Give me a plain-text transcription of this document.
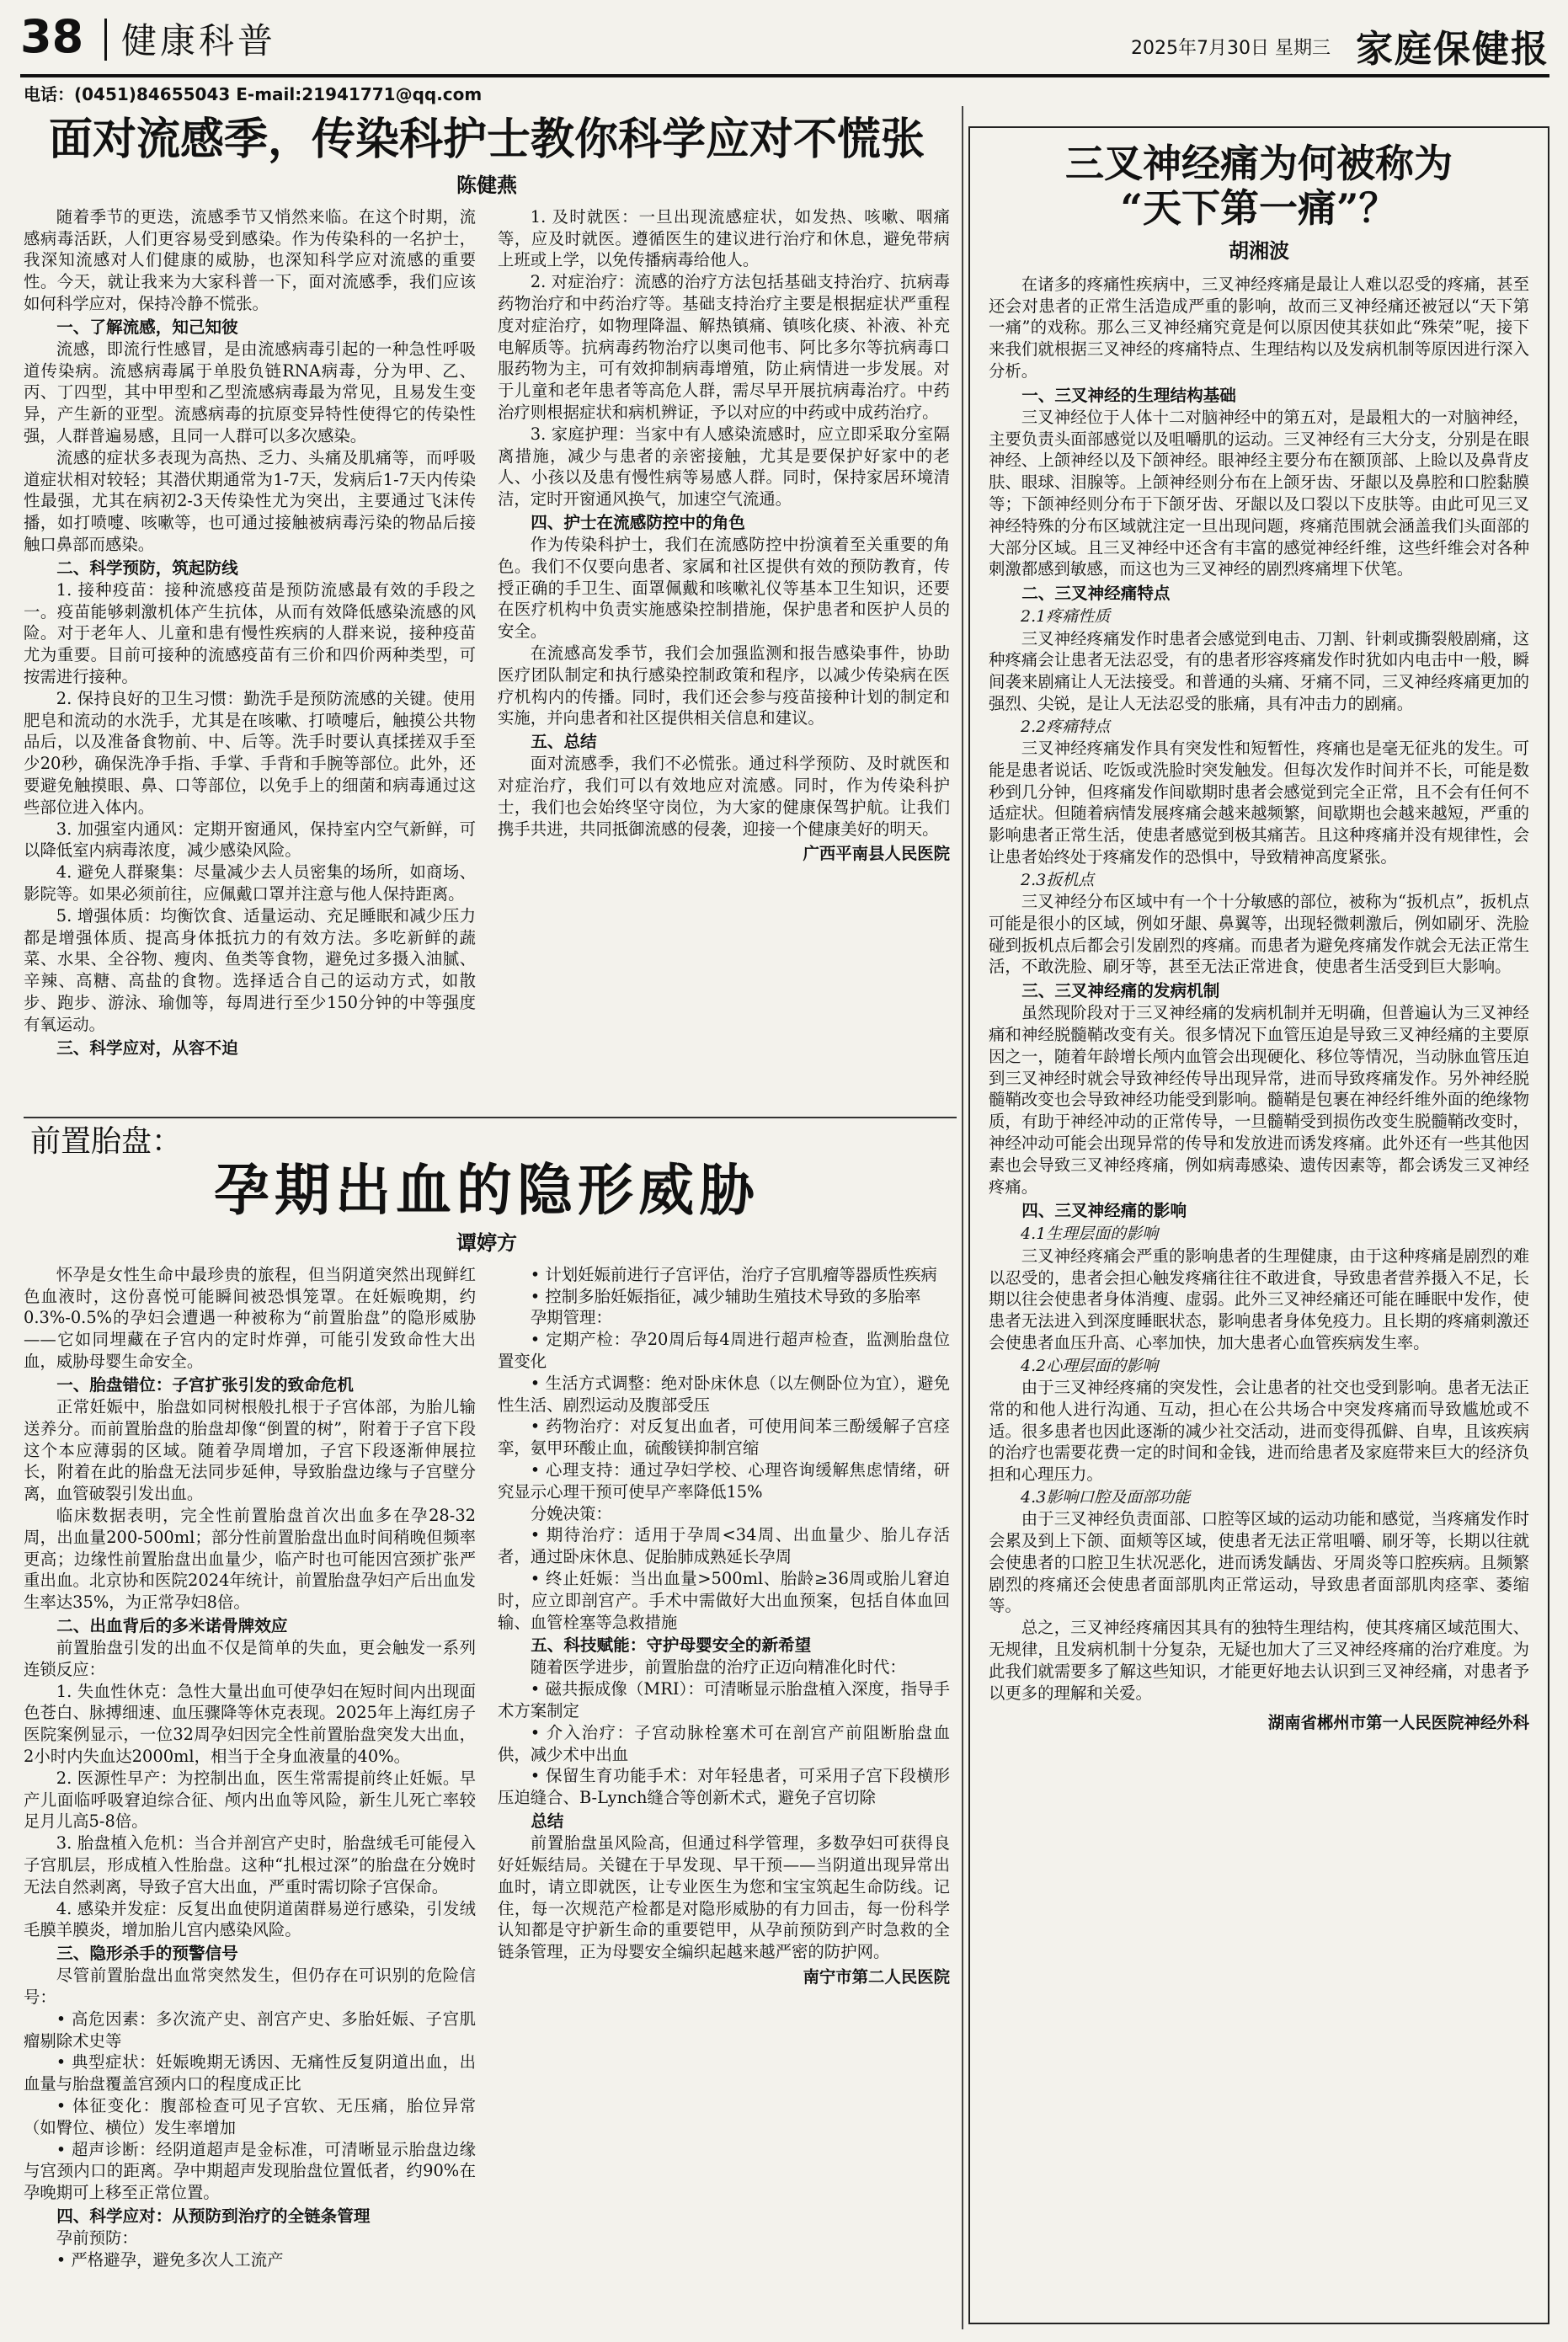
38 健康科普	2025年7月30日 星期三 家庭保健报
电话：(0451)84655043 E-mail:21941771@qq.com
面对流感季，传染科护士教你科学应对不慌张
陈健燕

随着季节的更迭，流感季节又悄然来临。在这个时期，流感病毒活跃，人们更容易受到感染。作为传染科的一名护士，我深知流感对人们健康的威胁，也深知科学应对流感的重要性。今天，就让我来为大家科普一下，面对流感季，我们应该如何科学应对，保持冷静不慌张。

一、了解流感，知己知彼

流感，即流行性感冒，是由流感病毒引起的一种急性呼吸道传染病。流感病毒属于单股负链RNA病毒，分为甲、乙、丙、丁四型，其中甲型和乙型流感病毒最为常见，且易发生变异，产生新的亚型。流感病毒的抗原变异特性使得它的传染性强，人群普遍易感，且同一人群可以多次感染。

流感的症状多表现为高热、乏力、头痛及肌痛等，而呼吸道症状相对较轻；其潜伏期通常为1-7天，发病后1-7天内传染性最强，尤其在病初2-3天传染性尤为突出，主要通过飞沫传播，如打喷嚏、咳嗽等，也可通过接触被病毒污染的物品后接触口鼻部而感染。

二、科学预防，筑起防线

1. 接种疫苗：接种流感疫苗是预防流感最有效的手段之一。疫苗能够刺激机体产生抗体，从而有效降低感染流感的风险。对于老年人、儿童和患有慢性疾病的人群来说，接种疫苗尤为重要。目前可接种的流感疫苗有三价和四价两种类型，可按需进行接种。

2. 保持良好的卫生习惯：勤洗手是预防流感的关键。使用肥皂和流动的水洗手，尤其是在咳嗽、打喷嚏后，触摸公共物品后，以及准备食物前、中、后等。洗手时要认真揉搓双手至少20秒，确保洗净手指、手掌、手背和手腕等部位。此外，还要避免触摸眼、鼻、口等部位，以免手上的细菌和病毒通过这些部位进入体内。

3. 加强室内通风：定期开窗通风，保持室内空气新鲜，可以降低室内病毒浓度，减少感染风险。

4. 避免人群聚集：尽量减少去人员密集的场所，如商场、影院等。如果必须前往，应佩戴口罩并注意与他人保持距离。

5. 增强体质：均衡饮食、适量运动、充足睡眠和减少压力都是增强体质、提高身体抵抗力的有效方法。多吃新鲜的蔬菜、水果、全谷物、瘦肉、鱼类等食物，避免过多摄入油腻、辛辣、高糖、高盐的食物。选择适合自己的运动方式，如散步、跑步、游泳、瑜伽等，每周进行至少150分钟的中等强度有氧运动。

三、科学应对，从容不迫

1. 及时就医：一旦出现流感症状，如发热、咳嗽、咽痛等，应及时就医。遵循医生的建议进行治疗和休息，避免带病上班或上学，以免传播病毒给他人。

2. 对症治疗：流感的治疗方法包括基础支持治疗、抗病毒药物治疗和中药治疗等。基础支持治疗主要是根据症状严重程度对症治疗，如物理降温、解热镇痛、镇咳化痰、补液、补充电解质等。抗病毒药物治疗以奥司他韦、阿比多尔等抗病毒口服药物为主，可有效抑制病毒增殖，防止病情进一步发展。对于儿童和老年患者等高危人群，需尽早开展抗病毒治疗。中药治疗则根据症状和病机辨证，予以对应的中药或中成药治疗。

3. 家庭护理：当家中有人感染流感时，应立即采取分室隔离措施，减少与患者的亲密接触，尤其是要保护好家中的老人、小孩以及患有慢性病等易感人群。同时，保持家居环境清洁，定时开窗通风换气，加速空气流通。

四、护士在流感防控中的角色

作为传染科护士，我们在流感防控中扮演着至关重要的角色。我们不仅要向患者、家属和社区提供有效的预防教育，传授正确的手卫生、面罩佩戴和咳嗽礼仪等基本卫生知识，还要在医疗机构中负责实施感染控制措施，保护患者和医护人员的安全。

在流感高发季节，我们会加强监测和报告感染事件，协助医疗团队制定和执行感染控制政策和程序，以减少传染病在医疗机构内的传播。同时，我们还会参与疫苗接种计划的制定和实施，并向患者和社区提供相关信息和建议。

五、总结

面对流感季，我们不必慌张。通过科学预防、及时就医和对症治疗，我们可以有效地应对流感。同时，作为传染科护士，我们也会始终坚守岗位，为大家的健康保驾护航。让我们携手共进，共同抵御流感的侵袭，迎接一个健康美好的明天。

广西平南县人民医院

前置胎盘：
孕期出血的隐形威胁
谭婷方

怀孕是女性生命中最珍贵的旅程，但当阴道突然出现鲜红色血液时，这份喜悦可能瞬间被恐惧笼罩。在妊娠晚期，约0.3%-0.5%的孕妇会遭遇一种被称为“前置胎盘”的隐形威胁——它如同埋藏在子宫内的定时炸弹，可能引发致命性大出血，威胁母婴生命安全。

一、胎盘错位：子宫扩张引发的致命危机

正常妊娠中，胎盘如同树根般扎根于子宫体部，为胎儿输送养分。而前置胎盘的胎盘却像“倒置的树”，附着于子宫下段这个本应薄弱的区域。随着孕周增加，子宫下段逐渐伸展拉长，附着在此的胎盘无法同步延伸，导致胎盘边缘与子宫壁分离，血管破裂引发出血。

临床数据表明，完全性前置胎盘首次出血多在孕28-32周，出血量200-500ml；部分性前置胎盘出血时间稍晚但频率更高；边缘性前置胎盘出血量少，临产时也可能因宫颈扩张严重出血。北京协和医院2024年统计，前置胎盘孕妇产后出血发生率达35%，为正常孕妇8倍。

二、出血背后的多米诺骨牌效应

前置胎盘引发的出血不仅是简单的失血，更会触发一系列连锁反应：

1. 失血性休克：急性大量出血可使孕妇在短时间内出现面色苍白、脉搏细速、血压骤降等休克表现。2025年上海红房子医院案例显示，一位32周孕妇因完全性前置胎盘突发大出血，2小时内失血达2000ml，相当于全身血液量的40%。

2. 医源性早产：为控制出血，医生常需提前终止妊娠。早产儿面临呼吸窘迫综合征、颅内出血等风险，新生儿死亡率较足月儿高5-8倍。

3. 胎盘植入危机：当合并剖宫产史时，胎盘绒毛可能侵入子宫肌层，形成植入性胎盘。这种“扎根过深”的胎盘在分娩时无法自然剥离，导致子宫大出血，严重时需切除子宫保命。

4. 感染并发症：反复出血使阴道菌群易逆行感染，引发绒毛膜羊膜炎，增加胎儿宫内感染风险。

三、隐形杀手的预警信号

尽管前置胎盘出血常突然发生，但仍存在可识别的危险信号：

• 高危因素：多次流产史、剖宫产史、多胎妊娠、子宫肌瘤剔除术史等

• 典型症状：妊娠晚期无诱因、无痛性反复阴道出血，出血量与胎盘覆盖宫颈内口的程度成正比

• 体征变化：腹部检查可见子宫软、无压痛，胎位异常（如臀位、横位）发生率增加

• 超声诊断：经阴道超声是金标准，可清晰显示胎盘边缘与宫颈内口的距离。孕中期超声发现胎盘位置低者，约90%在孕晚期可上移至正常位置。

四、科学应对：从预防到治疗的全链条管理

孕前预防：

• 严格避孕，避免多次人工流产

• 计划妊娠前进行子宫评估，治疗子宫肌瘤等器质性疾病

• 控制多胎妊娠指征，减少辅助生殖技术导致的多胎率

孕期管理：

• 定期产检：孕20周后每4周进行超声检查，监测胎盘位置变化

• 生活方式调整：绝对卧床休息（以左侧卧位为宜），避免性生活、剧烈运动及腹部受压

• 药物治疗：对反复出血者，可使用间苯三酚缓解子宫痉挛，氨甲环酸止血，硫酸镁抑制宫缩

• 心理支持：通过孕妇学校、心理咨询缓解焦虑情绪，研究显示心理干预可使早产率降低15%

分娩决策：

• 期待治疗：适用于孕周<34周、出血量少、胎儿存活者，通过卧床休息、促胎肺成熟延长孕周

• 终止妊娠：当出血量>500ml、胎龄≥36周或胎儿窘迫时，应立即剖宫产。手术中需做好大出血预案，包括自体血回输、血管栓塞等急救措施

五、科技赋能：守护母婴安全的新希望

随着医学进步，前置胎盘的治疗正迈向精准化时代：

• 磁共振成像（MRI）：可清晰显示胎盘植入深度，指导手术方案制定

• 介入治疗：子宫动脉栓塞术可在剖宫产前阻断胎盘血供，减少术中出血

• 保留生育功能手术：对年轻患者，可采用子宫下段横形压迫缝合、B-Lynch缝合等创新术式，避免子宫切除

总结

前置胎盘虽风险高，但通过科学管理，多数孕妇可获得良好妊娠结局。关键在于早发现、早干预——当阴道出现异常出血时，请立即就医，让专业医生为您和宝宝筑起生命防线。记住，每一次规范产检都是对隐形威胁的有力回击，每一份科学认知都是守护新生命的重要铠甲，从孕前预防到产时急救的全链条管理，正为母婴安全编织起越来越严密的防护网。

南宁市第二人民医院

三叉神经痛为何被称为
“天下第一痛”？
胡湘波

在诸多的疼痛性疾病中，三叉神经疼痛是最让人难以忍受的疼痛，甚至还会对患者的正常生活造成严重的影响，故而三叉神经痛还被冠以“天下第一痛”的戏称。那么三叉神经痛究竟是何以原因使其获如此“殊荣”呢，接下来我们就根据三叉神经的疼痛特点、生理结构以及发病机制等原因进行深入分析。

一、三叉神经的生理结构基础

三叉神经位于人体十二对脑神经中的第五对，是最粗大的一对脑神经，主要负责头面部感觉以及咀嚼肌的运动。三叉神经有三大分支，分别是在眼神经、上颌神经以及下颌神经。眼神经主要分布在额顶部、上睑以及鼻背皮肤、眼球、泪腺等。上颌神经则分布在上颌牙齿、牙龈以及鼻腔和口腔黏膜等；下颌神经则分布于下颌牙齿、牙龈以及口裂以下皮肤等。由此可见三叉神经特殊的分布区域就注定一旦出现问题，疼痛范围就会涵盖我们头面部的大部分区域。且三叉神经中还含有丰富的感觉神经纤维，这些纤维会对各种刺激都感到敏感，而这也为三叉神经的剧烈疼痛埋下伏笔。

二、三叉神经痛特点
2.1疼痛性质

三叉神经疼痛发作时患者会感觉到电击、刀割、针刺或撕裂般剧痛，这种疼痛会让患者无法忍受，有的患者形容疼痛发作时犹如内电击中一般，瞬间袭来剧痛让人无法接受。和普通的头痛、牙痛不同，三叉神经疼痛更加的强烈、尖锐，是让人无法忍受的胀痛，具有冲击力的剧痛。

2.2疼痛特点

三叉神经疼痛发作具有突发性和短暂性，疼痛也是毫无征兆的发生。可能是患者说话、吃饭或洗脸时突发触发。但每次发作时间并不长，可能是数秒到几分钟，但疼痛发作间歇期时患者会感觉到完全正常，且不会有任何不适症状。但随着病情发展疼痛会越来越频繁，间歇期也会越来越短，严重的影响患者正常生活，使患者感觉到极其痛苦。且这种疼痛并没有规律性，会让患者始终处于疼痛发作的恐惧中，导致精神高度紧张。

2.3扳机点

三叉神经分布区域中有一个十分敏感的部位，被称为“扳机点”，扳机点可能是很小的区域，例如牙龈、鼻翼等，出现轻微刺激后，例如刷牙、洗脸碰到扳机点后都会引发剧烈的疼痛。而患者为避免疼痛发作就会无法正常生活，不敢洗脸、刷牙等，甚至无法正常进食，使患者生活受到巨大影响。

三、三叉神经痛的发病机制

虽然现阶段对于三叉神经痛的发病机制并无明确，但普遍认为三叉神经痛和神经脱髓鞘改变有关。很多情况下血管压迫是导致三叉神经痛的主要原因之一，随着年龄增长颅内血管会出现硬化、移位等情况，当动脉血管压迫到三叉神经时就会导致神经传导出现异常，进而导致疼痛发作。另外神经脱髓鞘改变也会导致神经功能受到影响。髓鞘是包裹在神经纤维外面的绝缘物质，有助于神经冲动的正常传导，一旦髓鞘受到损伤改变生脱髓鞘改变时，神经冲动可能会出现异常的传导和发放进而诱发疼痛。此外还有一些其他因素也会导致三叉神经疼痛，例如病毒感染、遗传因素等，都会诱发三叉神经疼痛。

四、三叉神经痛的影响
4.1生理层面的影响

三叉神经疼痛会严重的影响患者的生理健康，由于这种疼痛是剧烈的难以忍受的，患者会担心触发疼痛往往不敢进食，导致患者营养摄入不足，长期以往会使患者身体消瘦、虚弱。此外三叉神经痛还可能在睡眠中发作，使患者无法进入到深度睡眠状态，影响患者身体免疫力。且长期的疼痛刺激还会使患者血压升高、心率加快，加大患者心血管疾病发生率。

4.2心理层面的影响

由于三叉神经疼痛的突发性，会让患者的社交也受到影响。患者无法正常的和他人进行沟通、互动，担心在公共场合中突发疼痛而导致尴尬或不适。很多患者也因此逐渐的减少社交活动，进而变得孤僻、自卑，且该疾病的治疗也需要花费一定的时间和金钱，进而给患者及家庭带来巨大的经济负担和心理压力。

4.3影响口腔及面部功能

由于三叉神经负责面部、口腔等区域的运动功能和感觉，当疼痛发作时会累及到上下颌、面颊等区域，使患者无法正常咀嚼、刷牙等，长期以往就会使患者的口腔卫生状况恶化，进而诱发龋齿、牙周炎等口腔疾病。且频繁剧烈的疼痛还会使患者面部肌肉正常运动，导致患者面部肌肉痉挛、萎缩等。

总之，三叉神经疼痛因其具有的独特生理结构，使其疼痛区域范围大、无规律，且发病机制十分复杂，无疑也加大了三叉神经疼痛的治疗难度。为此我们就需要多了解这些知识，才能更好地去认识到三叉神经痛，对患者予以更多的理解和关爱。

湖南省郴州市第一人民医院神经外科
